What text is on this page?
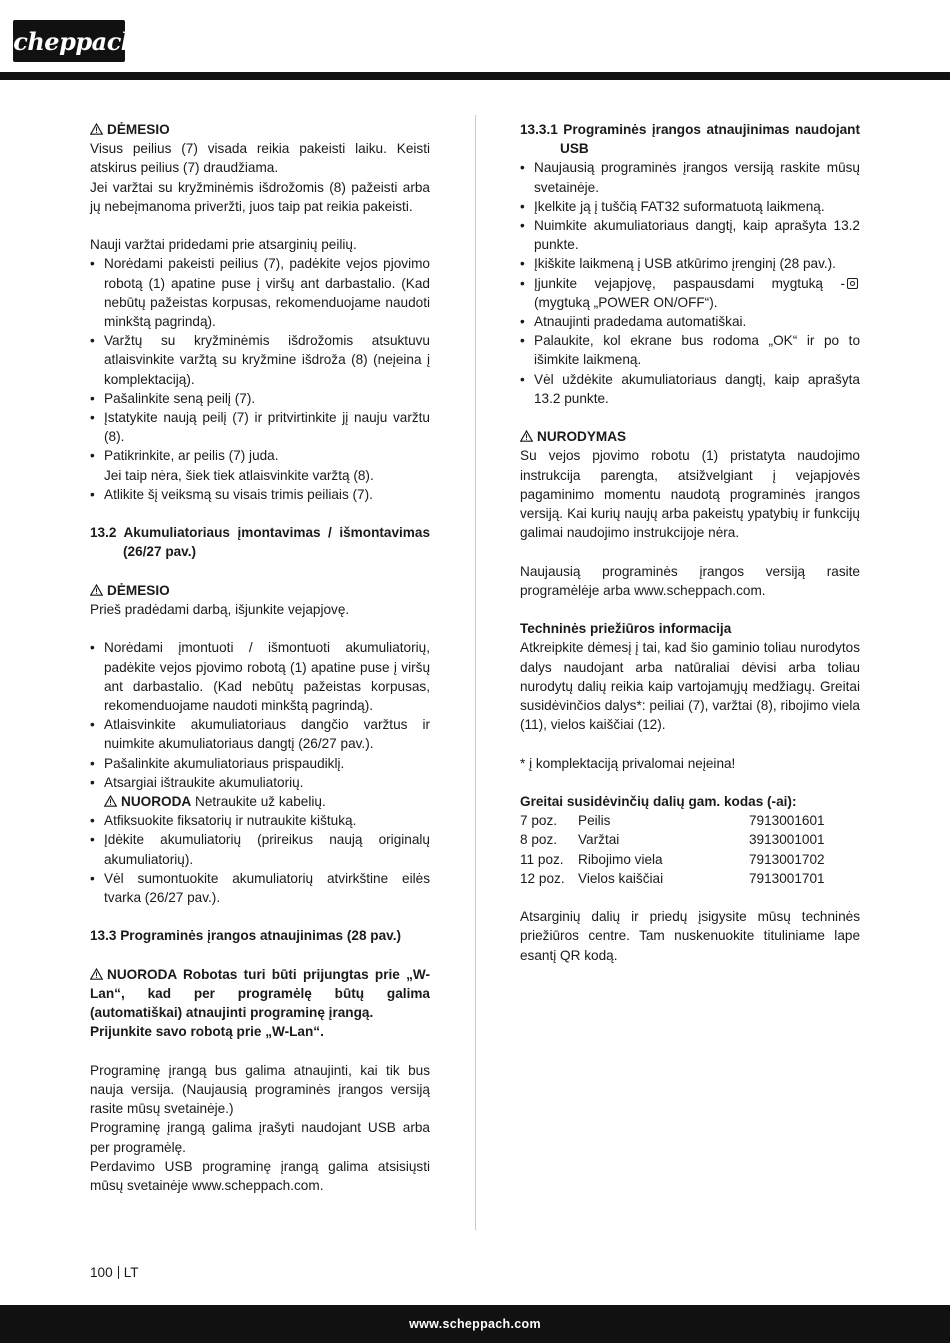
scheppach

DĖMESIO

Visus peilius (7) visada reikia pakeisti laiku. Keisti atskirus peilius (7) draudžiama.

Jei varžtai su kryžminėmis išdrožomis (8) pažeisti arba jų nebeįmanoma priveržti, juos taip pat reikia pakeisti.

Nauji varžtai pridedami prie atsarginių peilių.

• Norėdami pakeisti peilius (7), padėkite vejos pjovimo robotą (1) apatine puse į viršų ant darbastalio. (Kad nebūtų pažeistas korpusas, rekomenduojame naudoti minkštą pagrindą).
• Varžtų su kryžminėmis išdrožomis atsuktuvu atlaisvinkite varžtą su kryžmine išdroža (8) (neįeina į komplektaciją).
• Pašalinkite seną peilį (7).
• Įstatykite naują peilį (7) ir pritvirtinkite jį nauju varžtu (8).
• Patikrinkite, ar peilis (7) juda.
Jei taip nėra, šiek tiek atlaisvinkite varžtą (8).
• Atlikite šį veiksmą su visais trimis peiliais (7).

13.2 Akumuliatoriaus įmontavimas / išmontavimas (26/27 pav.)

DĖMESIO

Prieš pradėdami darbą, išjunkite vejapjovę.

• Norėdami įmontuoti / išmontuoti akumuliatorių, padėkite vejos pjovimo robotą (1) apatine puse į viršų ant darbastalio. (Kad nebūtų pažeistas korpusas, rekomenduojame naudoti minkštą pagrindą).
• Atlaisvinkite akumuliatoriaus dangčio varžtus ir nuimkite akumuliatoriaus dangtį (26/27 pav.).
• Pašalinkite akumuliatoriaus prispaudiklį.
• Atsargiai ištraukite akumuliatorių.
NUORODA Netraukite už kabelių.
• Atfiksuokite fiksatorių ir nutraukite kištuką.
• Įdėkite akumuliatorių (prireikus naują originalų akumuliatorių).
• Vėl sumontuokite akumuliatorių atvirkštine eilės tvarka (26/27 pav.).

13.3 Programinės įrangos atnaujinimas (28 pav.)

NUORODA Robotas turi būti prijungtas prie „W-Lan“, kad per programėlę būtų galima (automatiškai) atnaujinti programinę įrangą.

Prijunkite savo robotą prie „W-Lan“.

Programinę įrangą bus galima atnaujinti, kai tik bus nauja versija. (Naujausią programinės įrangos versiją rasite mūsų svetainėje.)

Programinę įrangą galima įrašyti naudojant USB arba per programėlę.

Perdavimo USB programinę įrangą galima atsisiųsti mūsų svetainėje www.scheppach.com.

13.3.1 Programinės įrangos atnaujinimas naudojant USB

• Naujausią programinės įrangos versiją raskite mūsų svetainėje.
• Įkelkite ją į tuščią FAT32 suformatuotą laikmeną.
• Nuimkite akumuliatoriaus dangtį, kaip aprašyta 13.2 punkte.
• Įkiškite laikmeną į USB atkūrimo įrenginį (28 pav.).
• Įjunkite vejapjovę, paspausdami mygtuką - (mygtuką „POWER ON/OFF“).
• Atnaujinti pradedama automatiškai.
• Palaukite, kol ekrane bus rodoma „OK“ ir po to išimkite laikmeną.
• Vėl uždėkite akumuliatoriaus dangtį, kaip aprašyta 13.2 punkte.

NURODYMAS

Su vejos pjovimo robotu (1) pristatyta naudojimo instrukcija parengta, atsižvelgiant į vejapjovės pagaminimo momentu naudotą programinės įrangos versiją. Kai kurių naujų arba pakeistų ypatybių ir funkcijų galimai naudojimo instrukcijoje nėra.

Naujausią programinės įrangos versiją rasite programėlėje arba www.scheppach.com.

Techninės priežiūros informacija

Atkreipkite dėmesį į tai, kad šio gaminio toliau nurodytos dalys naudojant arba natūraliai dėvisi arba toliau nurodytų dalių reikia kaip vartojamųjų medžiagų. Greitai susidėvinčios dalys*: peiliai (7), varžtai (8), ribojimo viela (11), vielos kaiščiai (12).

* į komplektaciją privalomai neįeina!

Greitai susidėvinčių dalių gam. kodas (-ai):

7 poz.	Peilis	7913001601
8 poz.	Varžtai	3913001001
11 poz.	Ribojimo viela	7913001702
12 poz.	Vielos kaiščiai	7913001701

Atsarginių dalių ir priedų įsigysite mūsų techninės priežiūros centre. Tam nuskenuokite tituliniame lape esantį QR kodą.

100 LT
www.scheppach.com
